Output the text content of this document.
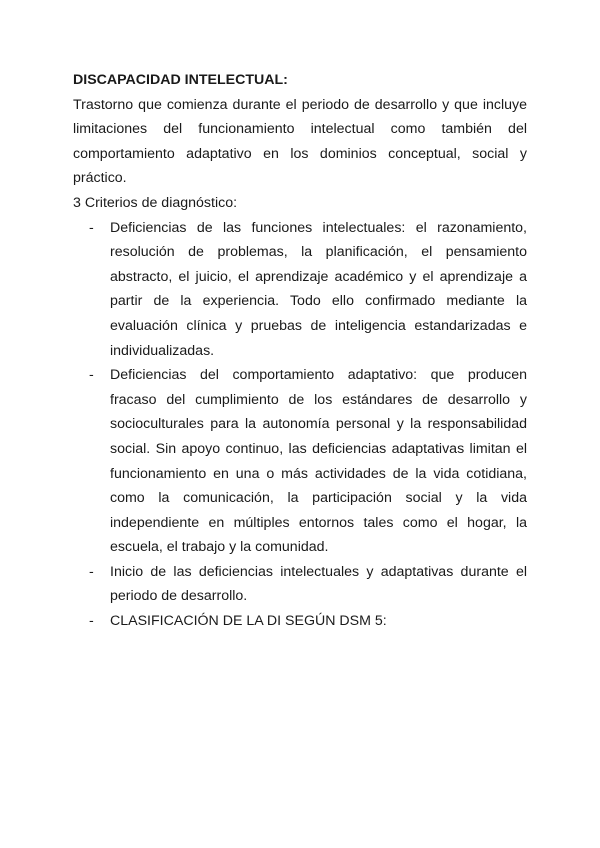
DISCAPACIDAD INTELECTUAL:

Trastorno que comienza durante el periodo de desarrollo y que incluye limitaciones del funcionamiento intelectual como también del comportamiento adaptativo en los dominios conceptual, social y práctico.

3 Criterios de diagnóstico:

- Deficiencias de las funciones intelectuales: el razonamiento, resolución de problemas, la planificación, el pensamiento abstracto, el juicio, el aprendizaje académico y el aprendizaje a partir de la experiencia. Todo ello confirmado mediante la evaluación clínica y pruebas de inteligencia estandarizadas e individualizadas.
- Deficiencias del comportamiento adaptativo: que producen fracaso del cumplimiento de los estándares de desarrollo y socioculturales para la autonomía personal y la responsabilidad social. Sin apoyo continuo, las deficiencias adaptativas limitan el funcionamiento en una o más actividades de la vida cotidiana, como la comunicación, la participación social y la vida independiente en múltiples entornos tales como el hogar, la escuela, el trabajo y la comunidad.
- Inicio de las deficiencias intelectuales y adaptativas durante el periodo de desarrollo.
- CLASIFICACIÓN DE LA DI SEGÚN DSM 5:
